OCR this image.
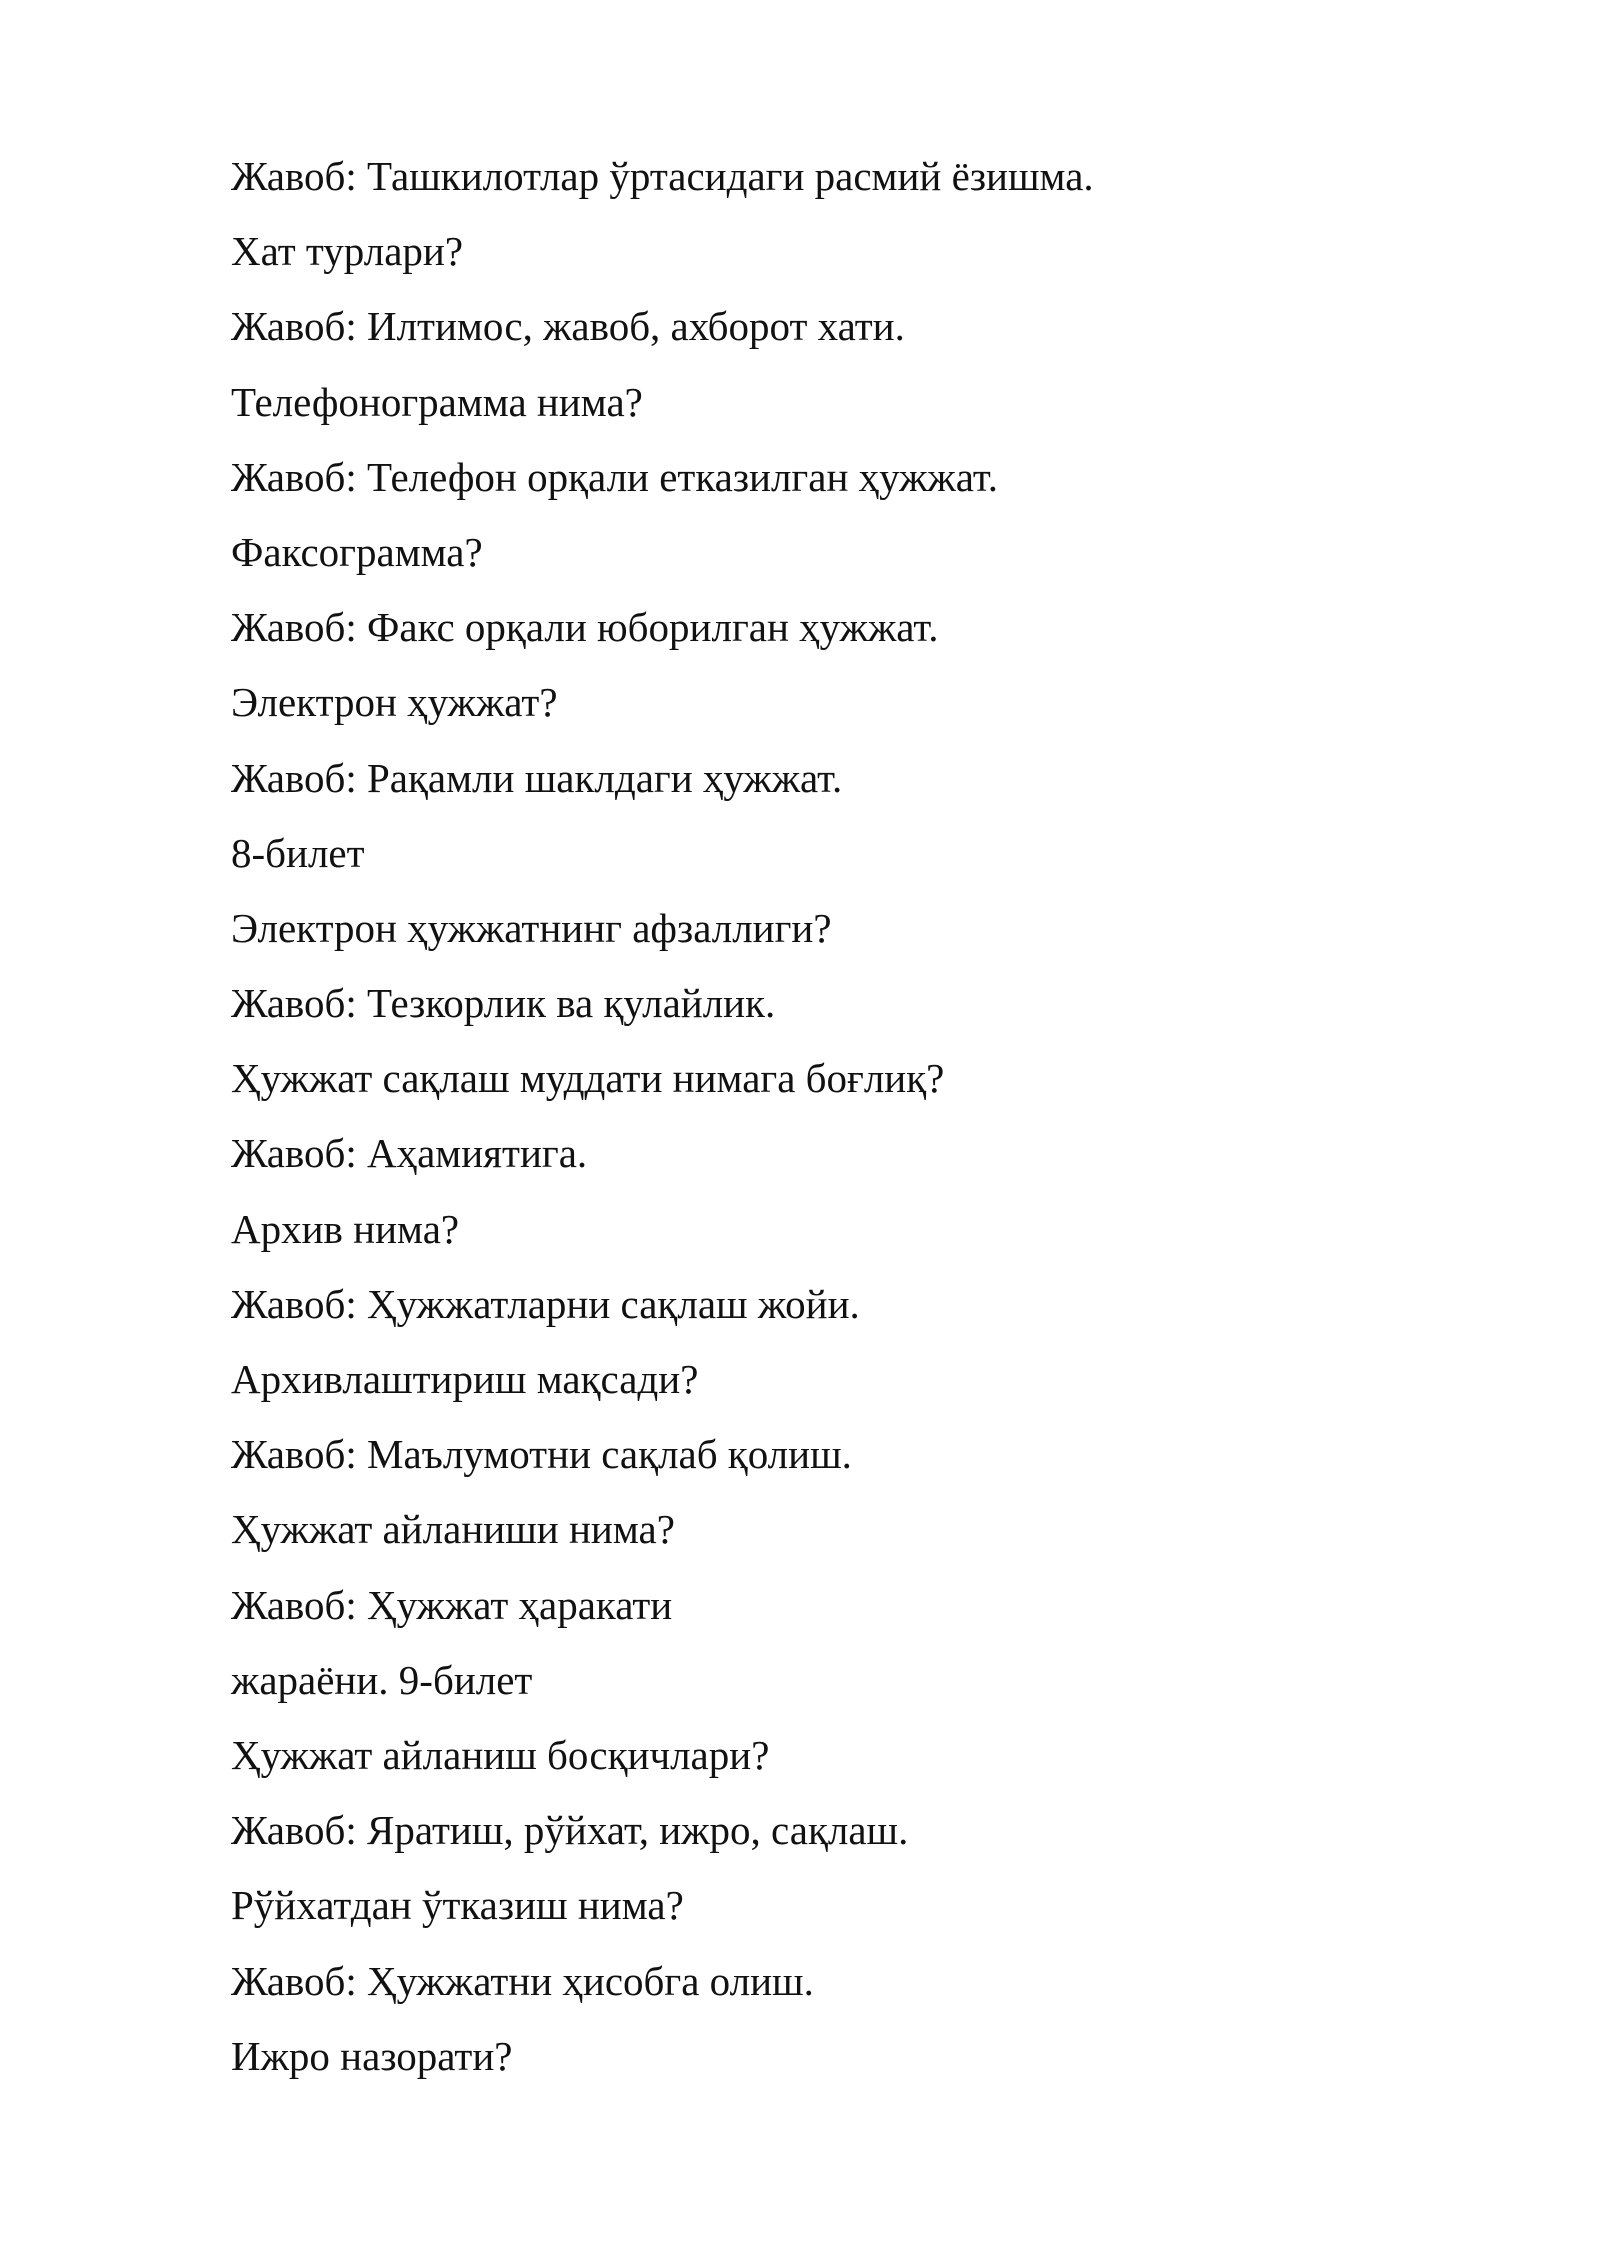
Жавоб: Ташкилотлар ўртасидаги расмий ёзишма.

Хат турлари?

Жавоб: Илтимос, жавоб, ахборот хати.

Телефонограмма нима?

Жавоб: Телефон орқали етказилган ҳужжат.

Факсограмма?

Жавоб: Факс орқали юборилган ҳужжат.

Электрон ҳужжат?

Жавоб: Рақамли шаклдаги ҳужжат.

8-билет

Электрон ҳужжатнинг афзаллиги?

Жавоб: Тезкорлик ва қулайлик.

Ҳужжат сақлаш муддати нимага боғлиқ?

Жавоб: Аҳамиятига.

Архив нима?

Жавоб: Ҳужжатларни сақлаш жойи.

Архивлаштириш мақсади?

Жавоб: Маълумотни сақлаб қолиш.

Ҳужжат айланиши нима?

Жавоб: Ҳужжат ҳаракати

жараёни. 9-билет

Ҳужжат айланиш босқичлари?

Жавоб: Яратиш, рўйхат, ижро, сақлаш.

Рўйхатдан ўтказиш нима?

Жавоб: Ҳужжатни ҳисобга олиш.

Ижро назорати?
